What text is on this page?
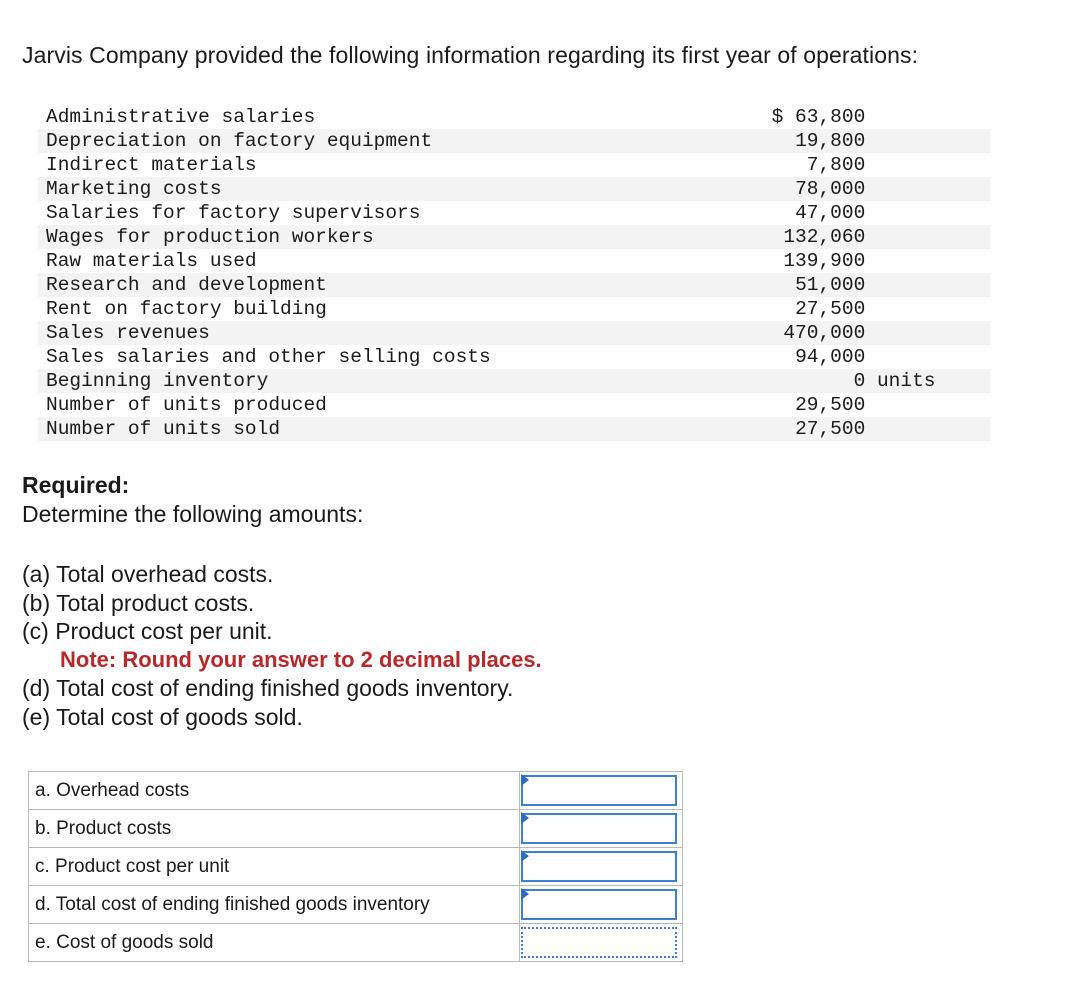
Jarvis Company provided the following information regarding its first year of operations:
Administrative salaries	$ 63,800	
Depreciation on factory equipment	19,800	
Indirect materials	7,800	
Marketing costs	78,000	
Salaries for factory supervisors	47,000	
Wages for production workers	132,060	
Raw materials used	139,900	
Research and development	51,000	
Rent on factory building	27,500	
Sales revenues	470,000	
Sales salaries and other selling costs	94,000	
Beginning inventory	0	units
Number of units produced	29,500	
Number of units sold	27,500	
Required:
Determine the following amounts:
(a) Total overhead costs.
(b) Total product costs.
(c) Product cost per unit.
Note: Round your answer to 2 decimal places.
(d) Total cost of ending finished goods inventory.
(e) Total cost of goods sold.
a. Overhead costs	

b. Product costs	

c. Product cost per unit	

d. Total cost of ending finished goods inventory	

e. Cost of goods sold	
